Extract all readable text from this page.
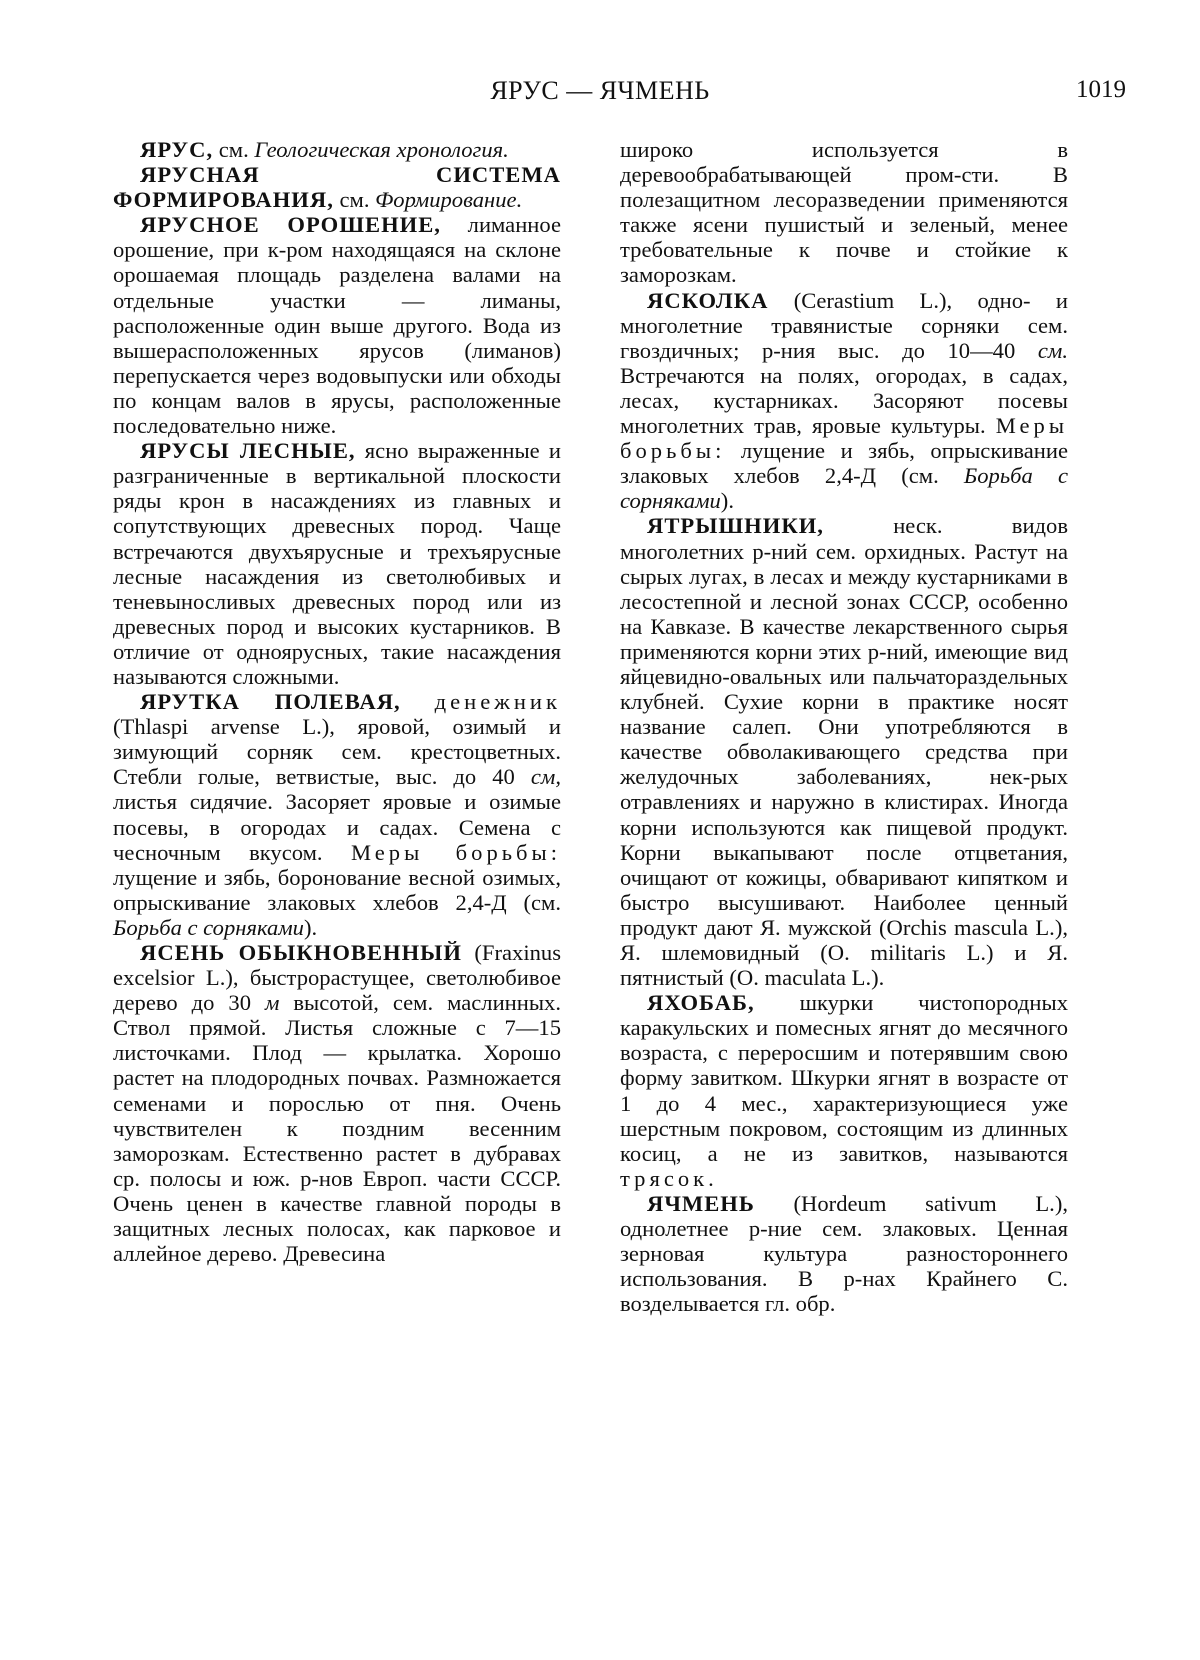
ЯРУС — ЯЧМЕНЬ	1019

ЯРУС, см. Геологическая хронология.

ЯРУСНАЯ СИСТЕМА ФОРМИРОВАНИЯ, см. Формирование.

ЯРУСНОЕ ОРОШЕНИЕ, лиманное орошение, при к-ром находящаяся на склоне орошаемая площадь разделена валами на отдельные участки — лиманы, расположенные один выше другого. Вода из вышерасположенных ярусов (лиманов) перепускается через водовыпуски или обходы по концам валов в ярусы, расположенные последовательно ниже.

ЯРУСЫ ЛЕСНЫЕ, ясно выраженные и разграниченные в вертикальной плоскости ряды крон в насаждениях из главных и сопутствующих древесных пород. Чаще встречаются двухъярусные и трехъярусные лесные насаждения из светолюбивых и теневыносливых древесных пород или из древесных пород и высоких кустарников. В отличие от одноярусных, такие насаждения называются сложными.

ЯРУТКА ПОЛЕВАЯ, денежник (Thlaspi arvense L.), яровой, озимый и зимующий сорняк сем. крестоцветных. Стебли голые, ветвистые, выс. до 40 см, листья сидячие. Засоряет яровые и озимые посевы, в огородах и садах. Семена с чесночным вкусом. Меры борьбы: лущение и зябь, боронование весной озимых, опрыскивание злаковых хлебов 2,4-Д (см. Борьба с сорняками).

ЯСЕНЬ ОБЫКНОВЕННЫЙ (Fraxinus excelsior L.), быстрорастущее, светолюбивое дерево до 30 м высотой, сем. маслинных. Ствол прямой. Листья сложные с 7—15 листочками. Плод — крылатка. Хорошо растет на плодородных почвах. Размножается семенами и порослью от пня. Очень чувствителен к поздним весенним заморозкам. Естественно растет в дубравах ср. полосы и юж. р-нов Европ. части СССР. Очень ценен в качестве главной породы в защитных лесных полосах, как парковое и аллейное дерево. Древесина

широко используется в деревообрабатывающей пром-сти. В полезащитном лесоразведении применяются также ясени пушистый и зеленый, менее требовательные к почве и стойкие к заморозкам.

ЯСКОЛКА (Cerastium L.), одно- и многолетние травянистые сорняки сем. гвоздичных; р-ния выс. до 10—40 см. Встречаются на полях, огородах, в садах, лесах, кустарниках. Засоряют посевы многолетних трав, яровые культуры. Меры борьбы: лущение и зябь, опрыскивание злаковых хлебов 2,4-Д (см. Борьба с сорняками).

ЯТРЫШНИКИ, неск. видов многолетних р-ний сем. орхидных. Растут на сырых лугах, в лесах и между кустарниками в лесостепной и лесной зонах СССР, особенно на Кавказе. В качестве лекарственного сырья применяются корни этих р-ний, имеющие вид яйцевидно-овальных или пальчатораздельных клубней. Сухие корни в практике носят название салеп. Они употребляются в качестве обволакивающего средства при желудочных заболеваниях, нек-рых отравлениях и наружно в клистирах. Иногда корни используются как пищевой продукт. Корни выкапывают после отцветания, очищают от кожицы, обваривают кипятком и быстро высушивают. Наиболее ценный продукт дают Я. мужской (Orchis mascula L.), Я. шлемовидный (O. militaris L.) и Я. пятнистый (O. maculata L.).

ЯХОБАБ, шкурки чистопородных каракульских и помесных ягнят до месячного возраста, с переросшим и потерявшим свою форму завитком. Шкурки ягнят в возрасте от 1 до 4 мес., характеризующиеся уже шерстным покровом, состоящим из длинных косиц, а не из завитков, называются трясок.

ЯЧМЕНЬ (Hordeum sativum L.), однолетнее р-ние сем. злаковых. Ценная зерновая культура разностороннего использования. В р-нах Крайнего С. возделывается гл. обр.
